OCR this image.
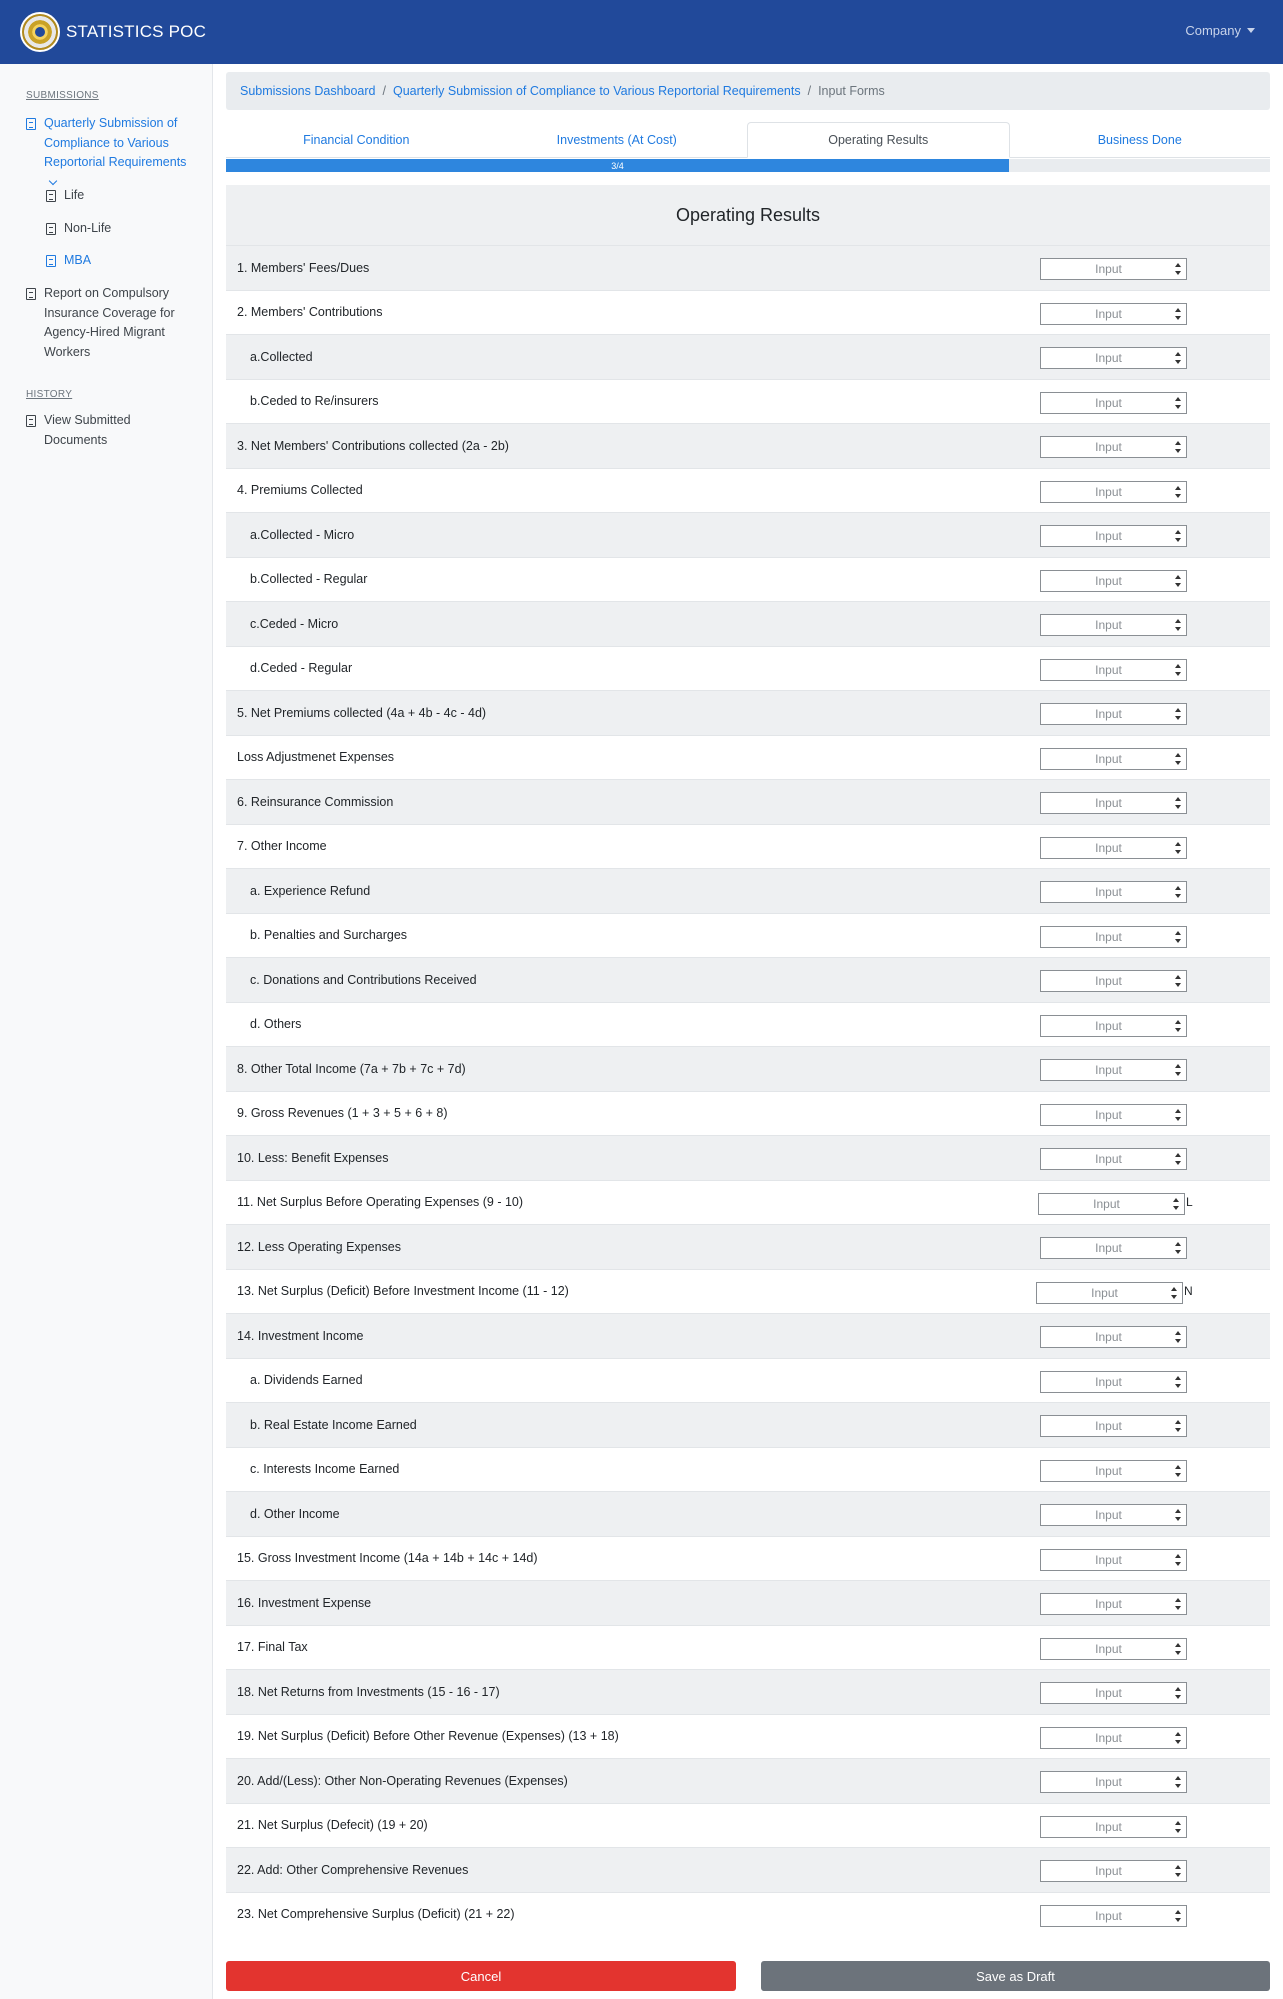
STATISTICS POC	Company
SUBMISSIONS
Quarterly Submission of Compliance to Various Reportorial Requirements
Life
Non-Life
MBA
Report on Compulsory Insurance Coverage for Agency-Hired Migrant Workers
HISTORY
View Submitted Documents
Submissions Dashboard / Quarterly Submission of Compliance to Various Reportorial Requirements / Input Forms
Financial Condition	Investments (At Cost)	Operating Results	Business Done
3/4
Operating Results
1. Members' Fees/Dues	Input
2. Members' Contributions	Input
a.Collected	Input
b.Ceded to Re/insurers	Input
3. Net Members' Contributions collected (2a - 2b)	Input
4. Premiums Collected	Input
a.Collected - Micro	Input
b.Collected - Regular	Input
c.Ceded - Micro	Input
d.Ceded - Regular	Input
5. Net Premiums collected (4a + 4b - 4c - 4d)	Input
Loss Adjustmenet Expenses	Input
6. Reinsurance Commission	Input
7. Other Income	Input
a. Experience Refund	Input
b. Penalties and Surcharges	Input
c. Donations and Contributions Received	Input
d. Others	Input
8. Other Total Income (7a + 7b + 7c + 7d)	Input
9. Gross Revenues (1 + 3 + 5 + 6 + 8)	Input
10. Less: Benefit Expenses	Input
11. Net Surplus Before Operating Expenses (9 - 10)	Input	L
12. Less Operating Expenses	Input
13. Net Surplus (Deficit) Before Investment Income (11 - 12)	Input	N
14. Investment Income	Input
a. Dividends Earned	Input
b. Real Estate Income Earned	Input
c. Interests Income Earned	Input
d. Other Income	Input
15. Gross Investment Income (14a + 14b + 14c + 14d)	Input
16. Investment Expense	Input
17. Final Tax	Input
18. Net Returns from Investments (15 - 16 - 17)	Input
19. Net Surplus (Deficit) Before Other Revenue (Expenses) (13 + 18)	Input
20. Add/(Less): Other Non-Operating Revenues (Expenses)	Input
21. Net Surplus (Defecit) (19 + 20)	Input
22. Add: Other Comprehensive Revenues	Input
23. Net Comprehensive Surplus (Deficit) (21 + 22)	Input
Cancel	Save as Draft
